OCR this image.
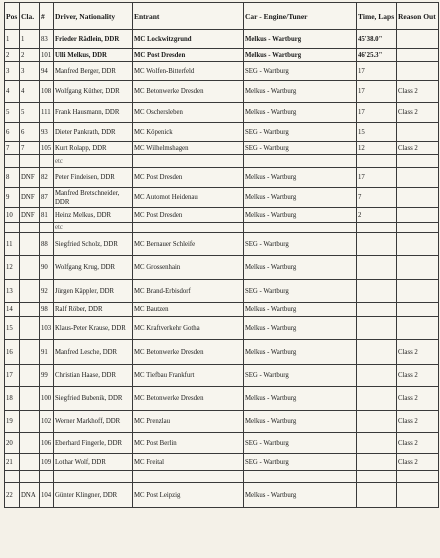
Pos	Cla.	#	Driver, Nationality	Entrant	Car - Engine/Tuner	Time, Laps	Reason Out
1	1	83	Frieder Rädlein, DDR	MC Lockwitzgrund	Melkus - Wartburg	45'38.0"	
2	2	101	Ulli Melkus, DDR	MC Post Dresden	Melkus - Wartburg	46'25.3"	
3	3	94	Manfred Berger, DDR	MC Wolfen-Bitterfeld	SEG - Wartburg	17	
4	4	108	Wolfgang Küther, DDR	MC Betonwerke Dresden	Melkus - Wartburg	17	Class 2
5	5	111	Frank Hausmann, DDR	MC Oschersleben	Melkus - Wartburg	17	Class 2
6	6	93	Dieter Pankrath, DDR	MC Köpenick	SEG - Wartburg	15	
7	7	105	Kurt Rolapp, DDR	MC Wilhelmshagen	SEG - Wartburg	12	Class 2
			etc				
8	DNF	82	Peter Findeisen, DDR	MC Post Dresden	Melkus - Wartburg	17	
9	DNF	87	Manfred Bretschneider, DDR	MC Automot Heidenau	Melkus - Wartburg	7	
10	DNF	81	Heinz Melkus, DDR	MC Post Dresden	Melkus - Wartburg	2	
			etc				
11		88	Siegfried Scholz, DDR	MC Bernauer Schleife	SEG - Wartburg		
12		90	Wolfgang Krug, DDR	MC Grossenhain	Melkus - Wartburg		
13		92	Jürgen Käppler, DDR	MC Brand-Erbisdorf	SEG - Wartburg		
14		98	Ralf Röber, DDR	MC Bautzen	Melkus - Wartburg		
15		103	Klaus-Peter Krause, DDR	MC Kraftverkehr Gotha	Melkus - Wartburg		
16		91	Manfred Lesche, DDR	MC Betonwerke Dresden	Melkus - Wartburg		Class 2
17		99	Christian Haase, DDR	MC Tiefbau Frankfurt	SEG - Wartburg		Class 2
18		100	Siegfried Bubenik, DDR	MC Betonwerke Dresden	Melkus - Wartburg		Class 2
19		102	Werner Markhoff, DDR	MC Prenzlau	Melkus - Wartburg		Class 2
20		106	Eberhard Fingerle, DDR	MC Post Berlin	SEG - Wartburg		Class 2
21		109	Lothar Wolf, DDR	MC Freital	SEG - Wartburg		Class 2

22	DNA	104	Günter Klingner, DDR	MC Post Leipzig	Melkus - Wartburg		
